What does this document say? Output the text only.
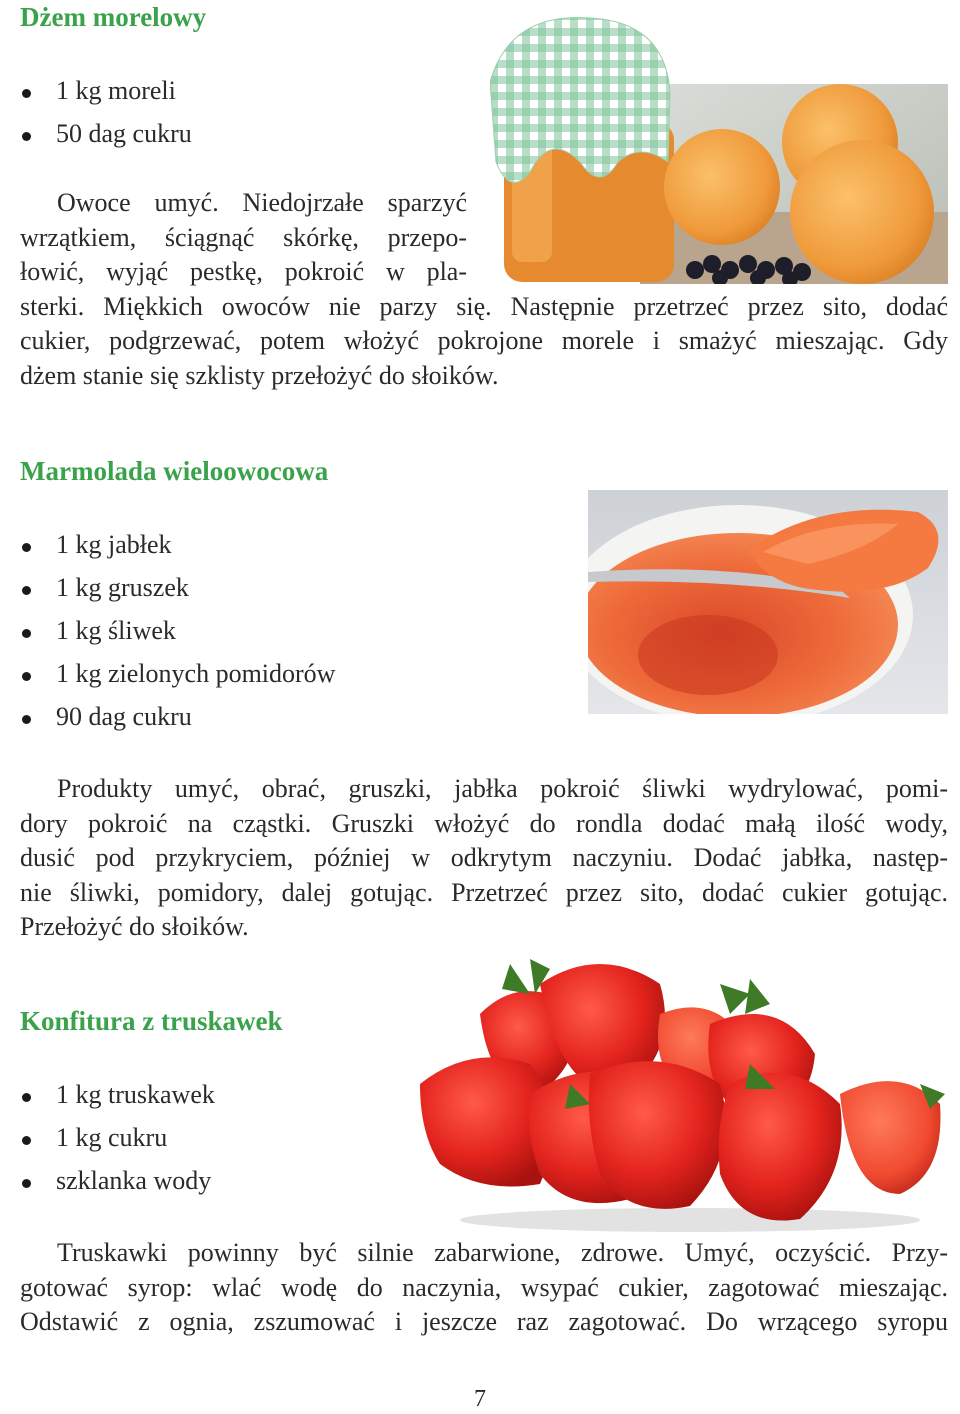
Dżem morelowy
1 kg moreli
50 dag cukru
Owoce umyć. Niedojrzałe sparzyć
wrzątkiem, ściągnąć skórkę, przepo-
łowić, wyjąć pestkę, pokroić w pla-
sterki. Miękkich owoców nie parzy się. Następnie przetrzeć przez sito, dodać
cukier, podgrzewać, potem włożyć pokrojone morele i smażyć mieszając. Gdy
dżem stanie się szklisty przełożyć do słoików.
Marmolada wieloowocowa
1 kg jabłek
1 kg gruszek
1 kg śliwek
1 kg zielonych pomidorów
90 dag cukru
Produkty umyć, obrać, gruszki, jabłka pokroić śliwki wydrylować, pomi-
dory pokroić na cząstki. Gruszki włożyć do rondla dodać małą ilość wody,
dusić pod przykryciem, później w odkrytym naczyniu. Dodać jabłka, następ-
nie śliwki, pomidory, dalej gotując. Przetrzeć przez sito, dodać cukier gotując.
Przełożyć do słoików.
Konfitura z truskawek
1 kg truskawek
1 kg cukru
szklanka wody
Truskawki powinny być silnie zabarwione, zdrowe. Umyć, oczyścić. Przy-
gotować syrop: wlać wodę do naczynia, wsypać cukier, zagotować mieszając.
Odstawić z ognia, zszumować i jeszcze raz zagotować. Do wrzącego syropu
7
